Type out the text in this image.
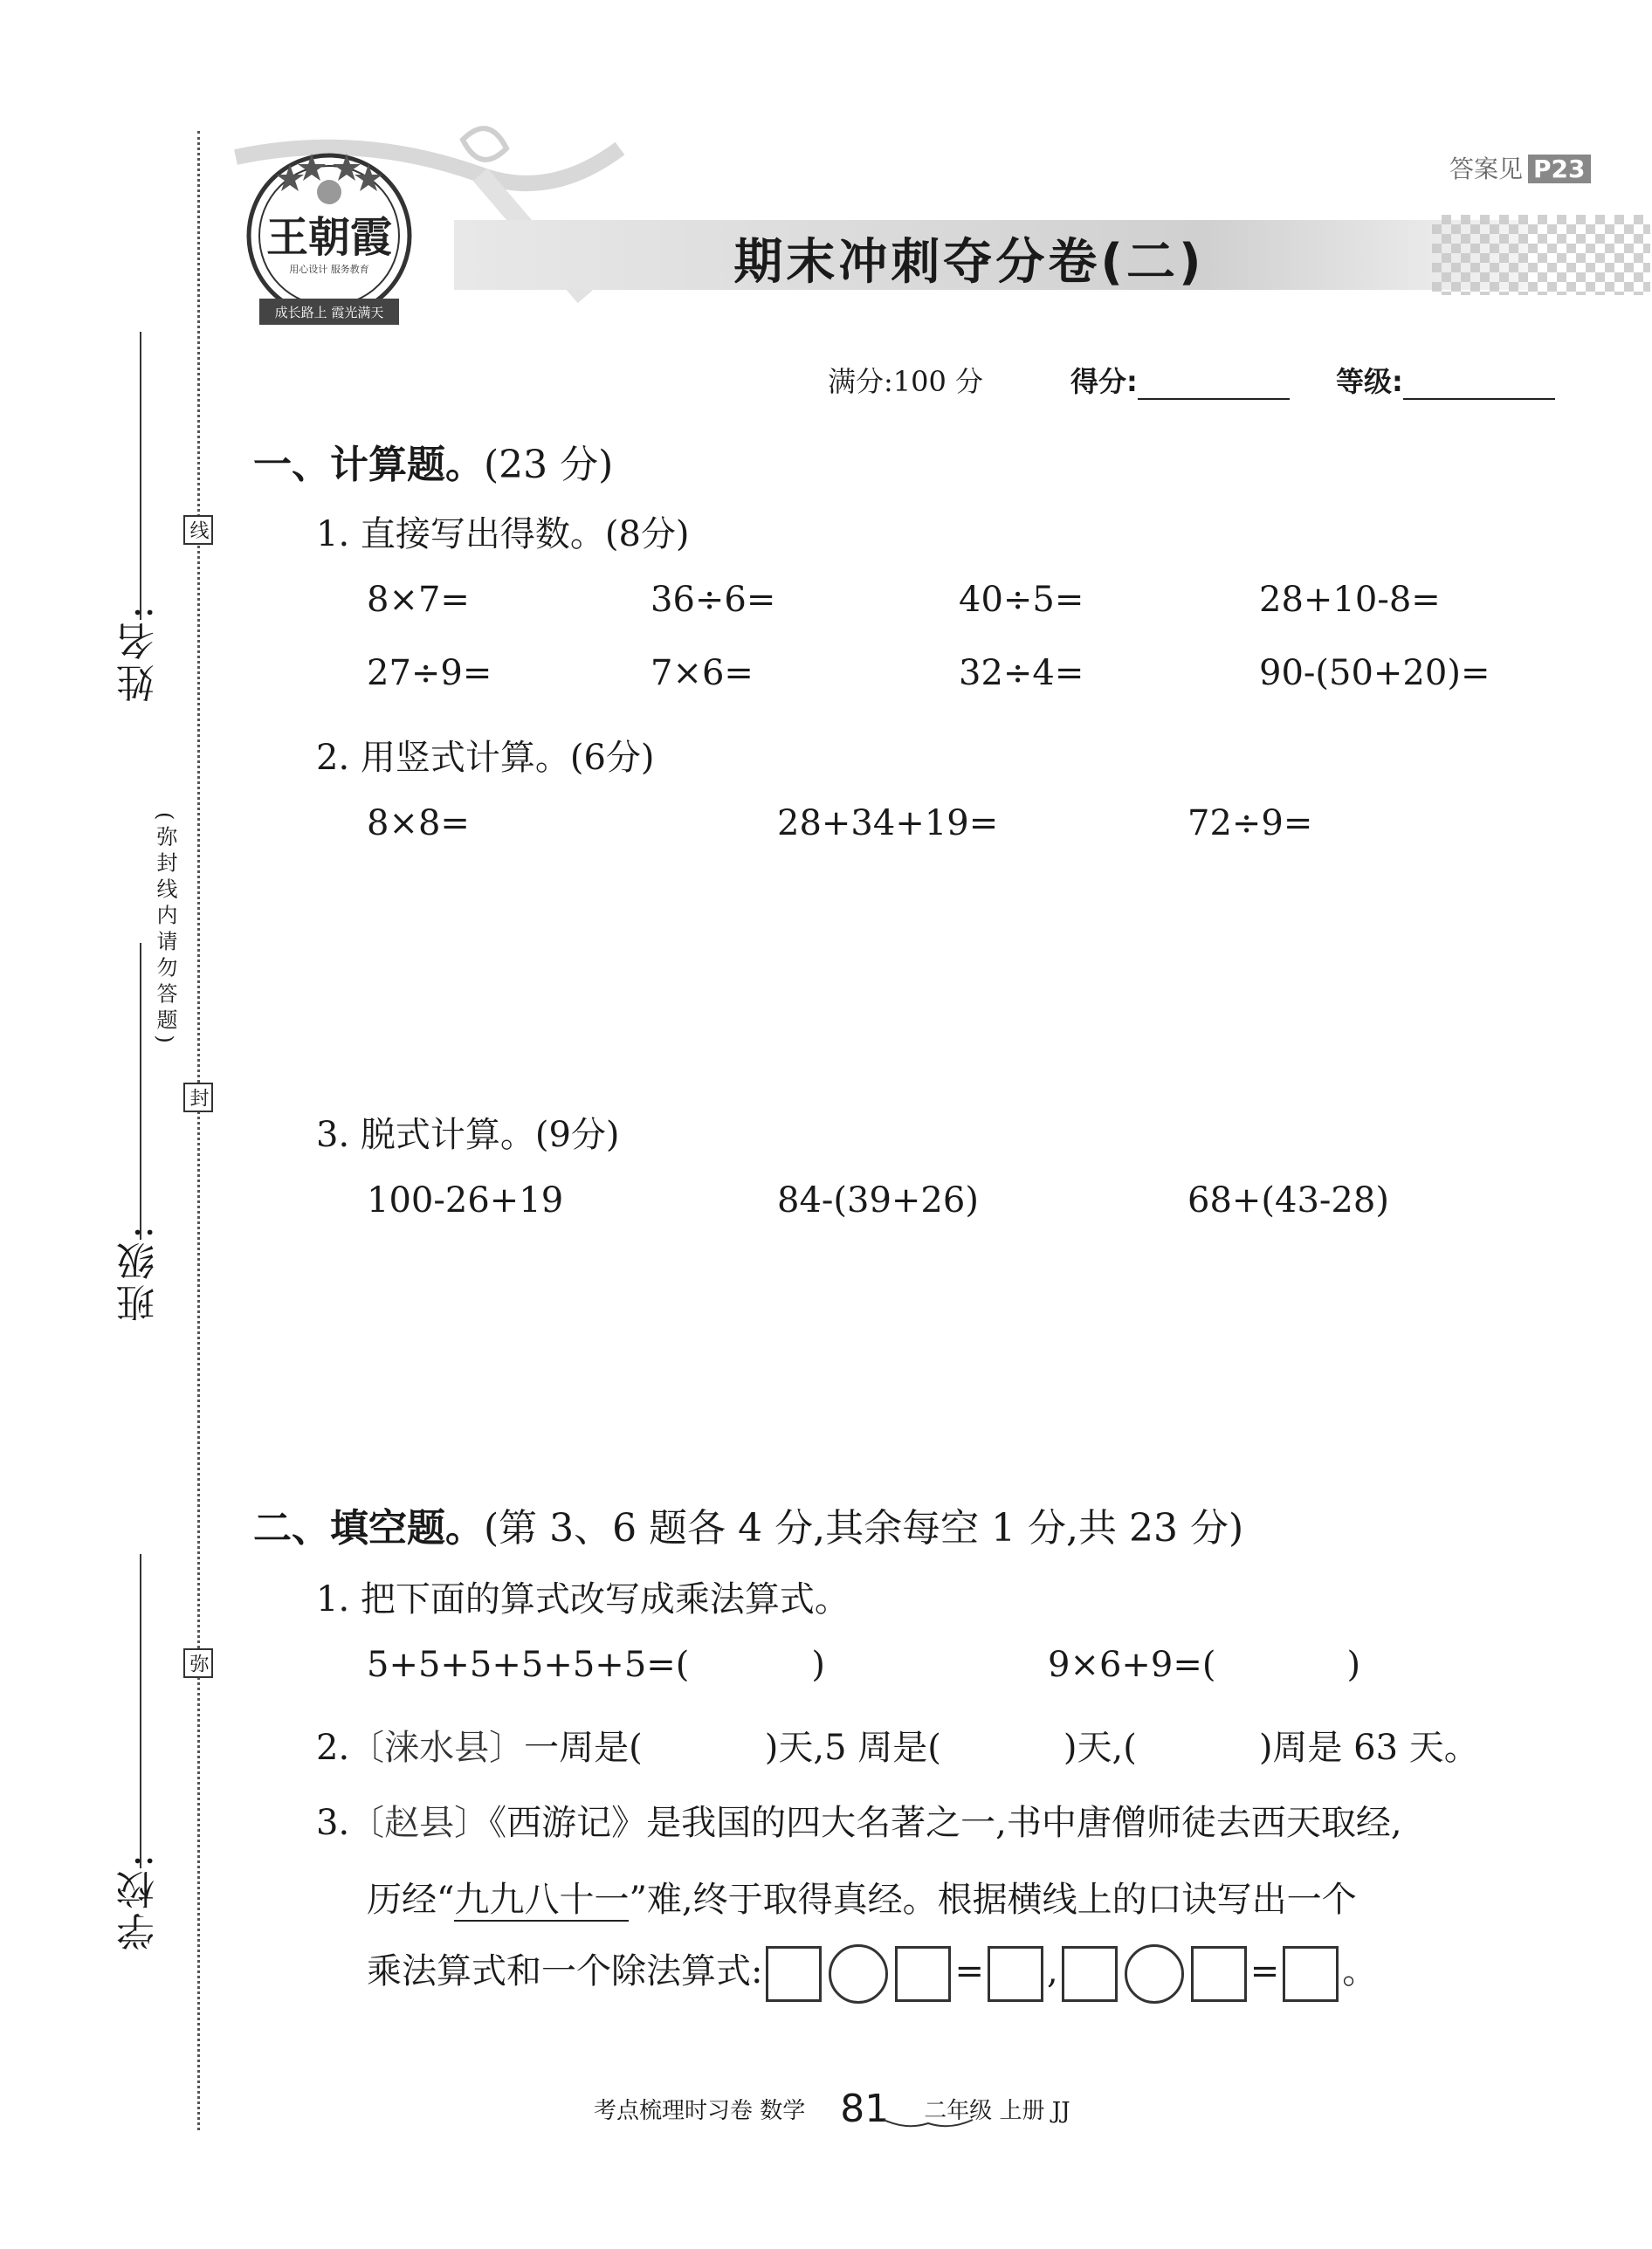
姓名:
班级:
学校:
线
封
弥
(弥封线内请勿答题)
答案见 P23
期末冲刺夺分卷(二)
王朝霞
用心设计 服务教育
成长路上 霞光满天
满分:100 分	得分:	等级:
一、计算题。(23 分)
1. 直接写出得数。(8分)
8×7=	36÷6=	40÷5=	28+10-8=
27÷9=	7×6=	32÷4=	90-(50+20)=
2. 用竖式计算。(6分)
8×8=	28+34+19=	72÷9=
3. 脱式计算。(9分)
100-26+19	84-(39+26)	68+(43-28)
二、填空题。(第 3、6 题各 4 分,其余每空 1 分,共 23 分)
1. 把下面的算式改写成乘法算式。
5+5+5+5+5+5=(	)	9×6+9=(	)
2.〔涞水县〕一周是(	)天,5 周是(	)天,(	)周是 63 天。
3.〔赵县〕《西游记》是我国的四大名著之一,书中唐僧师徒去西天取经,
历经“九九八十一”难,终于取得真经。根据横线上的口诀写出一个
乘法算式和一个除法算式:	= ,	= 。
考点梳理时习卷 数学 81 二年级 上册 JJ
